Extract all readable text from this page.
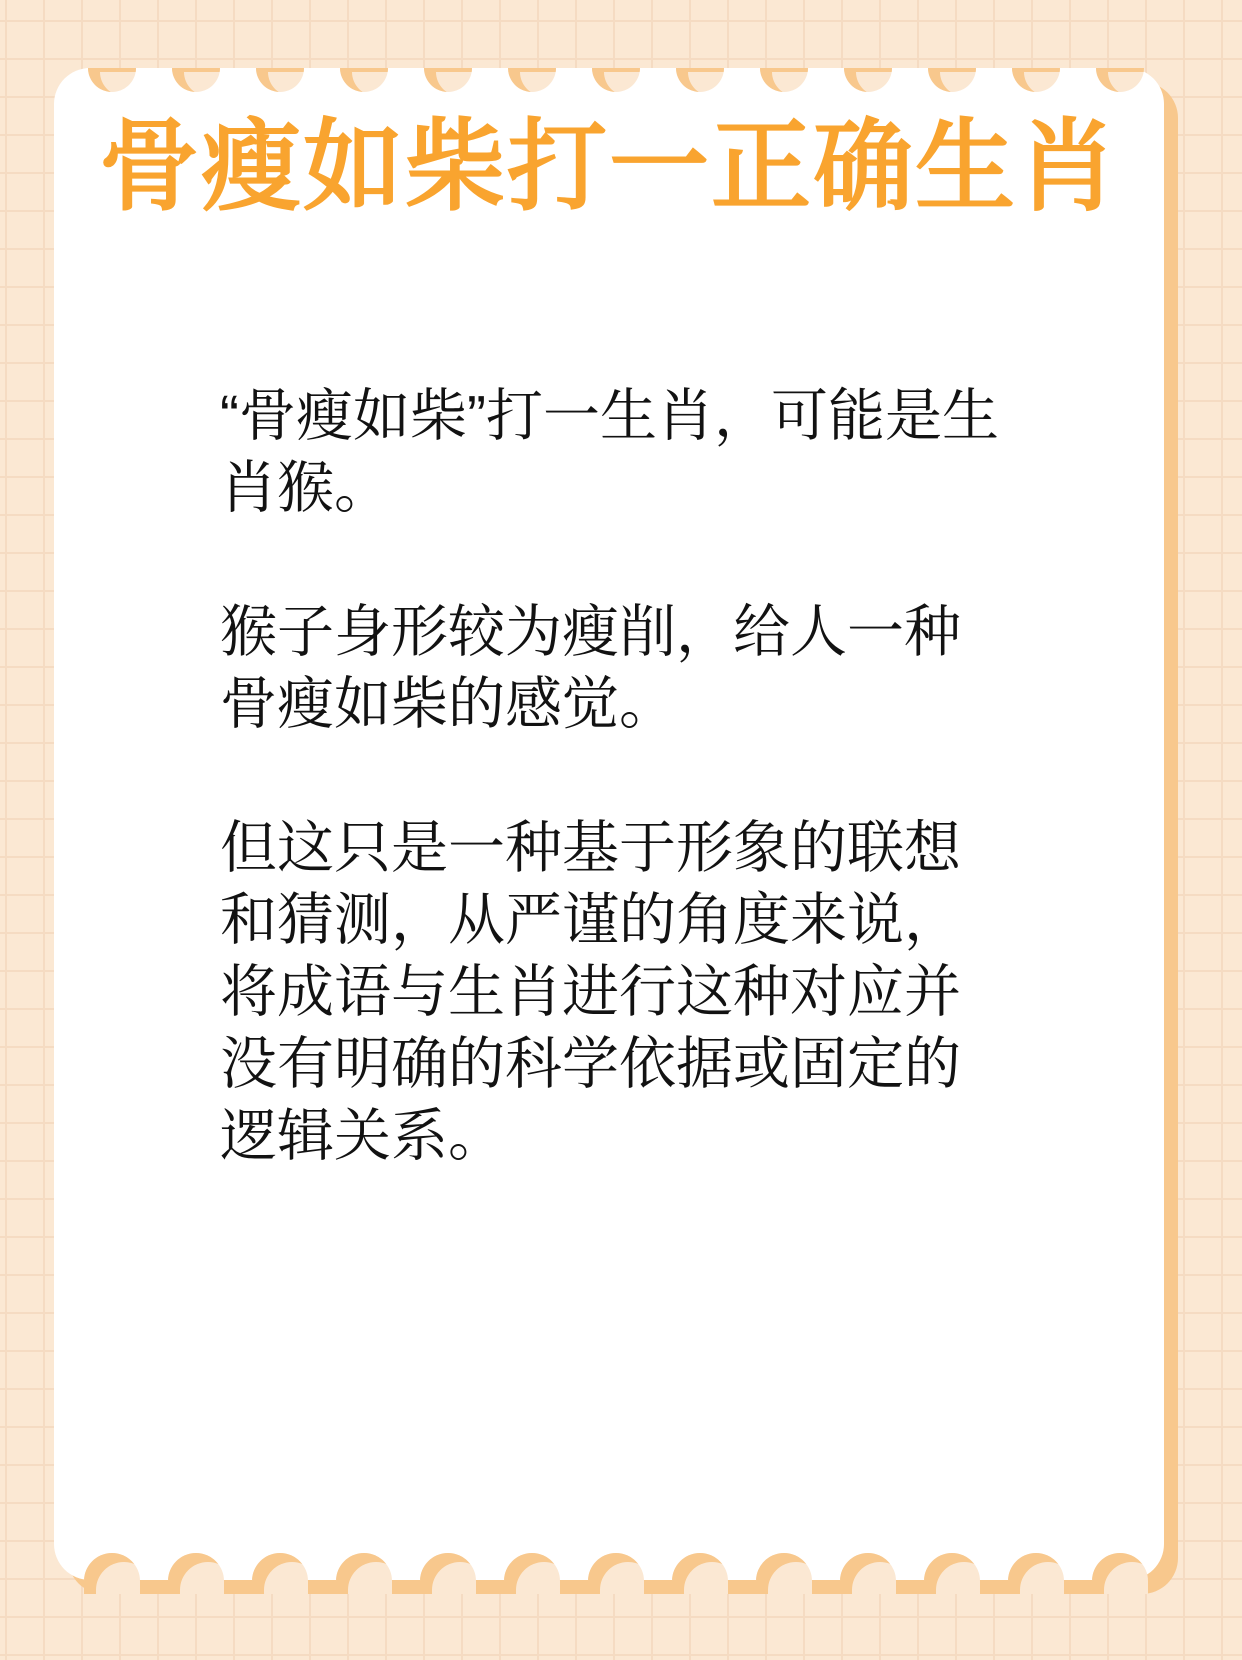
骨瘦如柴打一正确生肖

“骨瘦如柴”打一生肖，可能是生肖猴。

猴子身形较为瘦削，给人一种骨瘦如柴的感觉。

但这只是一种基于形象的联想和猜测，从严谨的角度来说，将成语与生肖进行这种对应并没有明确的科学依据或固定的逻辑关系。
